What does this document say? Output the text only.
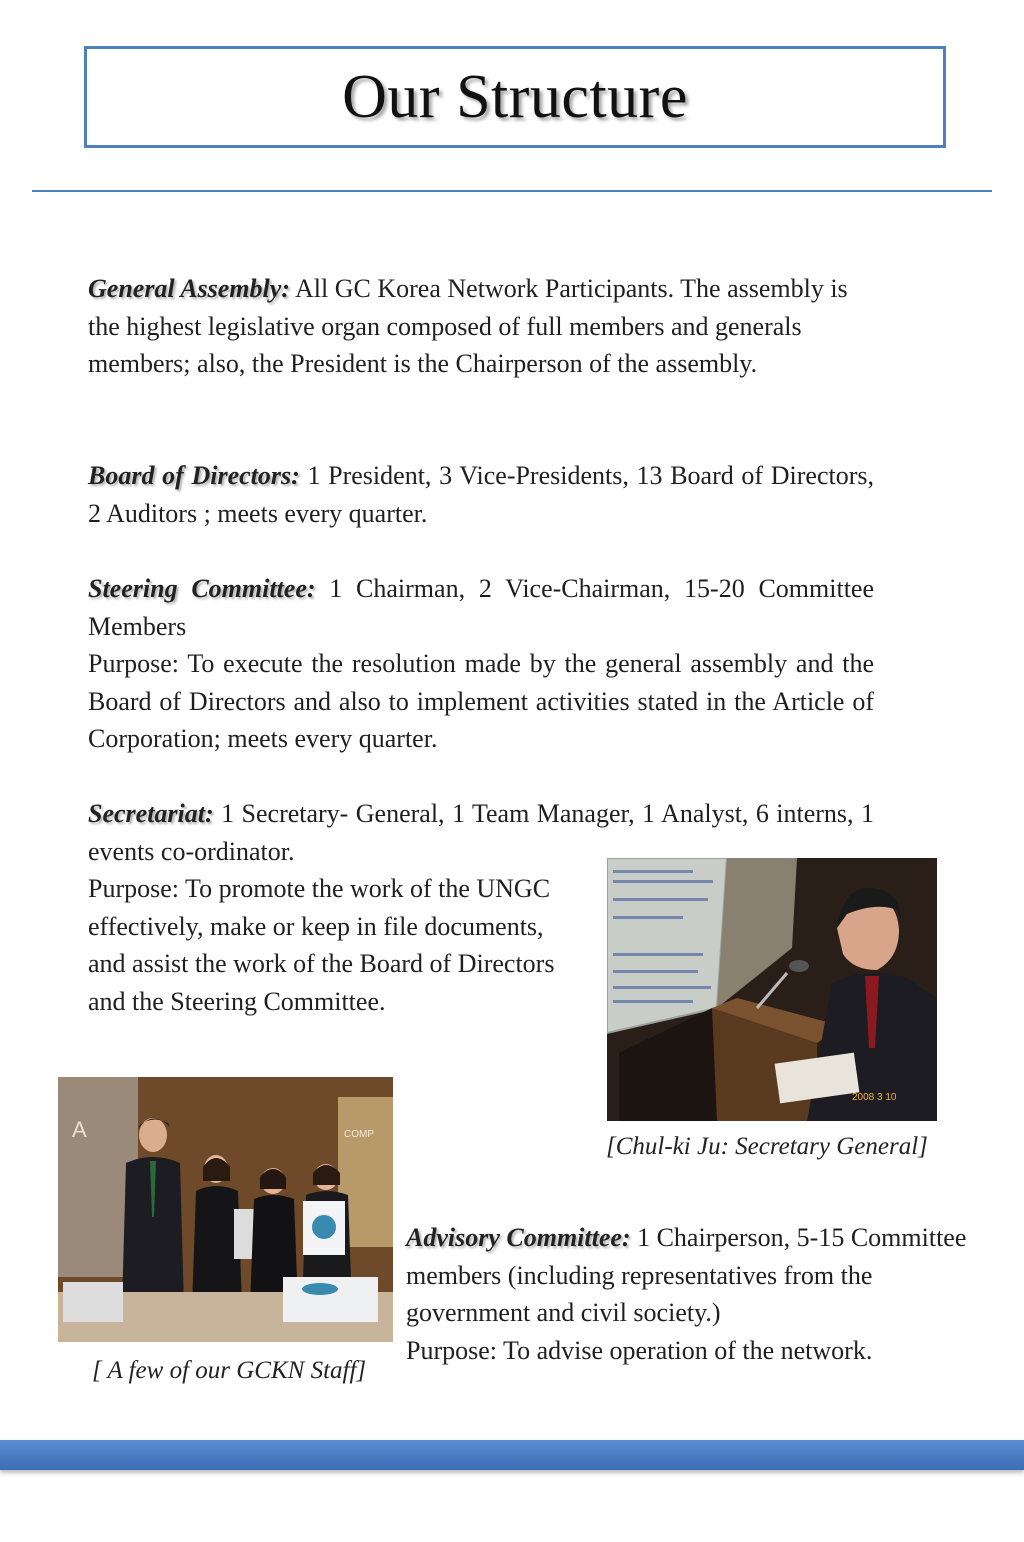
Our Structure

General Assembly: All GC Korea Network Participants. The assembly is the highest legislative organ composed of full members and generals members; also, the President is the Chairperson of the assembly.

Board of Directors: 1 President, 3 Vice-Presidents, 13 Board of Directors, 2 Auditors ; meets every quarter.

Steering Committee: 1 Chairman, 2 Vice-Chairman, 15-20 Committee Members

Purpose: To execute the resolution made by the general assembly and the Board of Directors and also to implement activities stated in the Article of Corporation; meets every quarter.

Secretariat: 1 Secretary- General, 1 Team Manager, 1 Analyst, 6 interns, 1 events co-ordinator.

Purpose: To promote the work of the UNGC effectively, make or keep in file documents, and assist the work of the Board of Directors and the Steering Committee.

2008 3 10
[Chul-ki Ju: Secretary General]
A	COMP
[ A few of our GCKN Staff]

Advisory Committee: 1 Chairperson, 5-15 Committee members (including representatives from the government and civil society.)

Purpose: To advise operation of the network.
